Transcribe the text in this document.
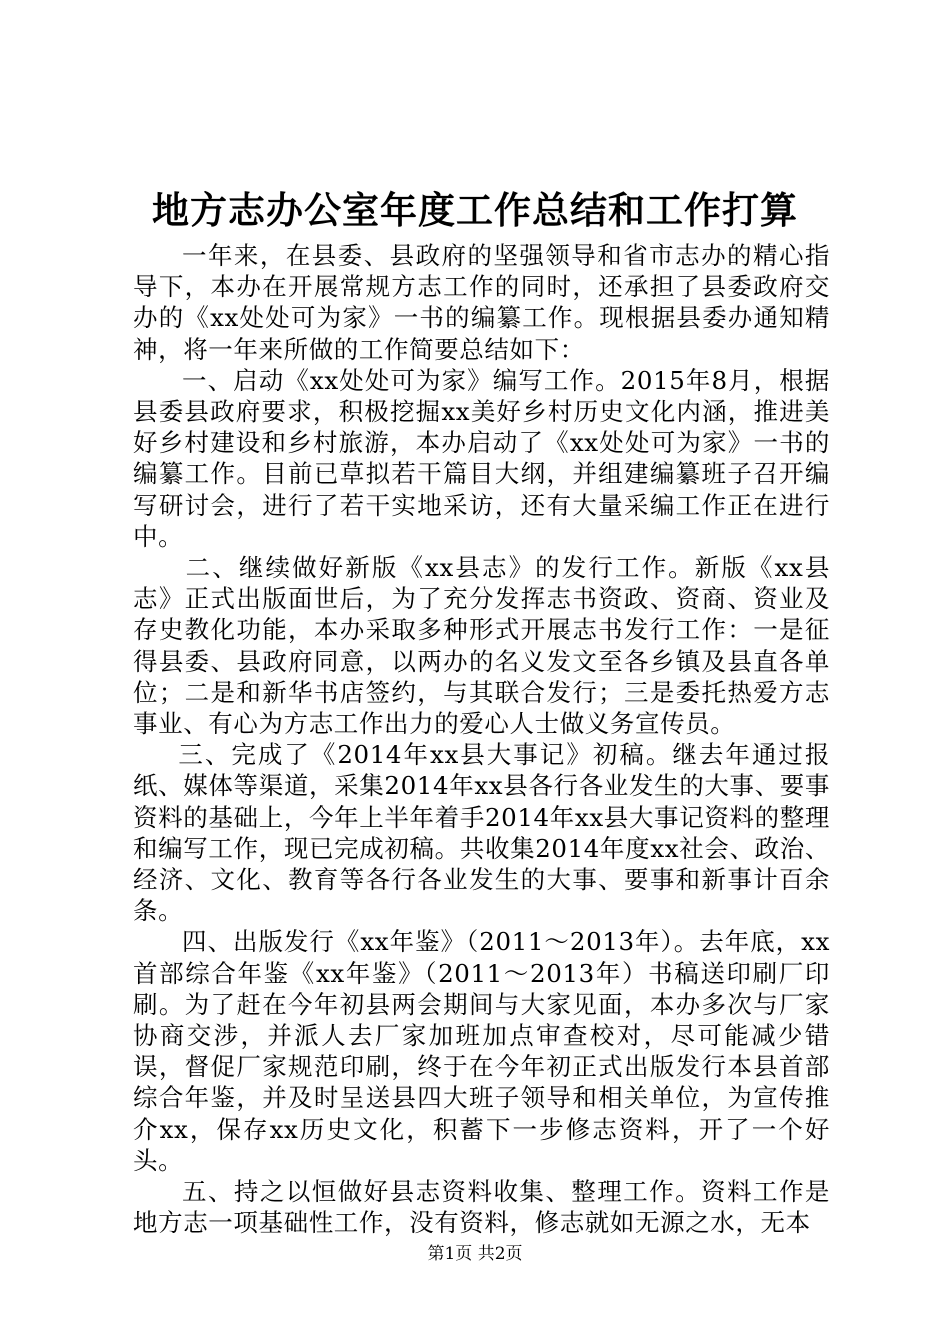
地方志办公室年度工作总结和工作打算

一年来，在县委、县政府的坚强领导和省市志办的精心指导下，本办在开展常规方志工作的同时，还承担了县委政府交办的《xx处处可为家》一书的编纂工作。现根据县委办通知精神，将一年来所做的工作简要总结如下：

一、启动《xx处处可为家》编写工作。2015年8月，根据县委县政府要求，积极挖掘xx美好乡村历史文化内涵，推进美好乡村建设和乡村旅游，本办启动了《xx处处可为家》一书的编纂工作。目前已草拟若干篇目大纲，并组建编纂班子召开编写研讨会，进行了若干实地采访，还有大量采编工作正在进行中。

二、继续做好新版《xx县志》的发行工作。新版《xx县志》正式出版面世后，为了充分发挥志书资政、资商、资业及存史教化功能，本办采取多种形式开展志书发行工作：一是征得县委、县政府同意，以两办的名义发文至各乡镇及县直各单位；二是和新华书店签约，与其联合发行；三是委托热爱方志事业、有心为方志工作出力的爱心人士做义务宣传员。

三、完成了《2014年xx县大事记》初稿。继去年通过报纸、媒体等渠道，采集2014年xx县各行各业发生的大事、要事资料的基础上，今年上半年着手2014年xx县大事记资料的整理和编写工作，现已完成初稿。共收集2014年度xx社会、政治、经济、文化、教育等各行各业发生的大事、要事和新事计百余条。

四、出版发行《xx年鉴》（2011～2013年）。去年底，xx首部综合年鉴《xx年鉴》（2011～2013年）书稿送印刷厂印刷。为了赶在今年初县两会期间与大家见面，本办多次与厂家协商交涉，并派人去厂家加班加点审查校对，尽可能减少错误，督促厂家规范印刷，终于在今年初正式出版发行本县首部综合年鉴，并及时呈送县四大班子领导和相关单位，为宣传推介xx，保存xx历史文化，积蓄下一步修志资料，开了一个好头。

五、持之以恒做好县志资料收集、整理工作。资料工作是地方志一项基础性工作，没有资料，修志就如无源之水，无本

第1页 共2页
